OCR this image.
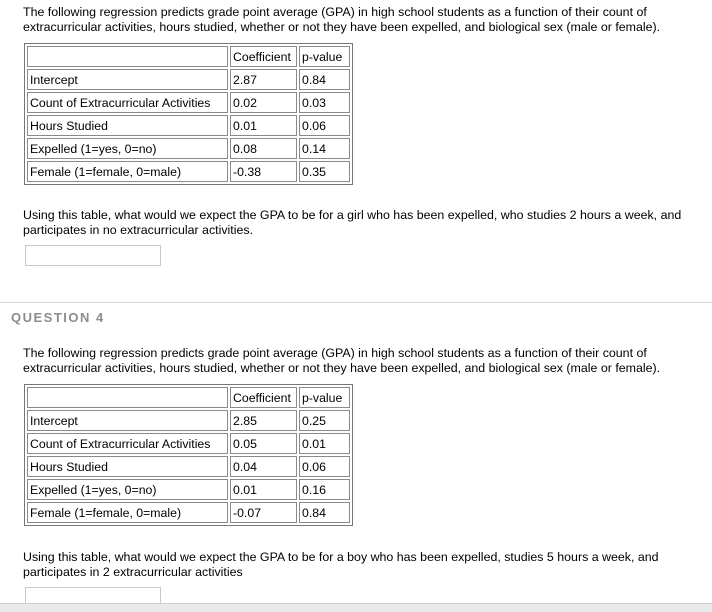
The following regression predicts grade point average (GPA) in high school students as a function of their count of extracurricular activities, hours studied, whether or not they have been expelled, and biological sex (male or female).

	Coefficient	p-value
Intercept	2.87	0.84
Count of Extracurricular Activities	0.02	0.03
Hours Studied	0.01	0.06
Expelled (1=yes, 0=no)	0.08	0.14
Female (1=female, 0=male)	-0.38	0.35

Using this table, what would we expect the GPA to be for a girl who has been expelled, who studies 2 hours a week, and participates in no extracurricular activities.

QUESTION 4

The following regression predicts grade point average (GPA) in high school students as a function of their count of extracurricular activities, hours studied, whether or not they have been expelled, and biological sex (male or female).

	Coefficient	p-value
Intercept	2.85	0.25
Count of Extracurricular Activities	0.05	0.01
Hours Studied	0.04	0.06
Expelled (1=yes, 0=no)	0.01	0.16
Female (1=female, 0=male)	-0.07	0.84

Using this table, what would we expect the GPA to be for a boy who has been expelled, studies 5 hours a week, and participates in 2 extracurricular activities
